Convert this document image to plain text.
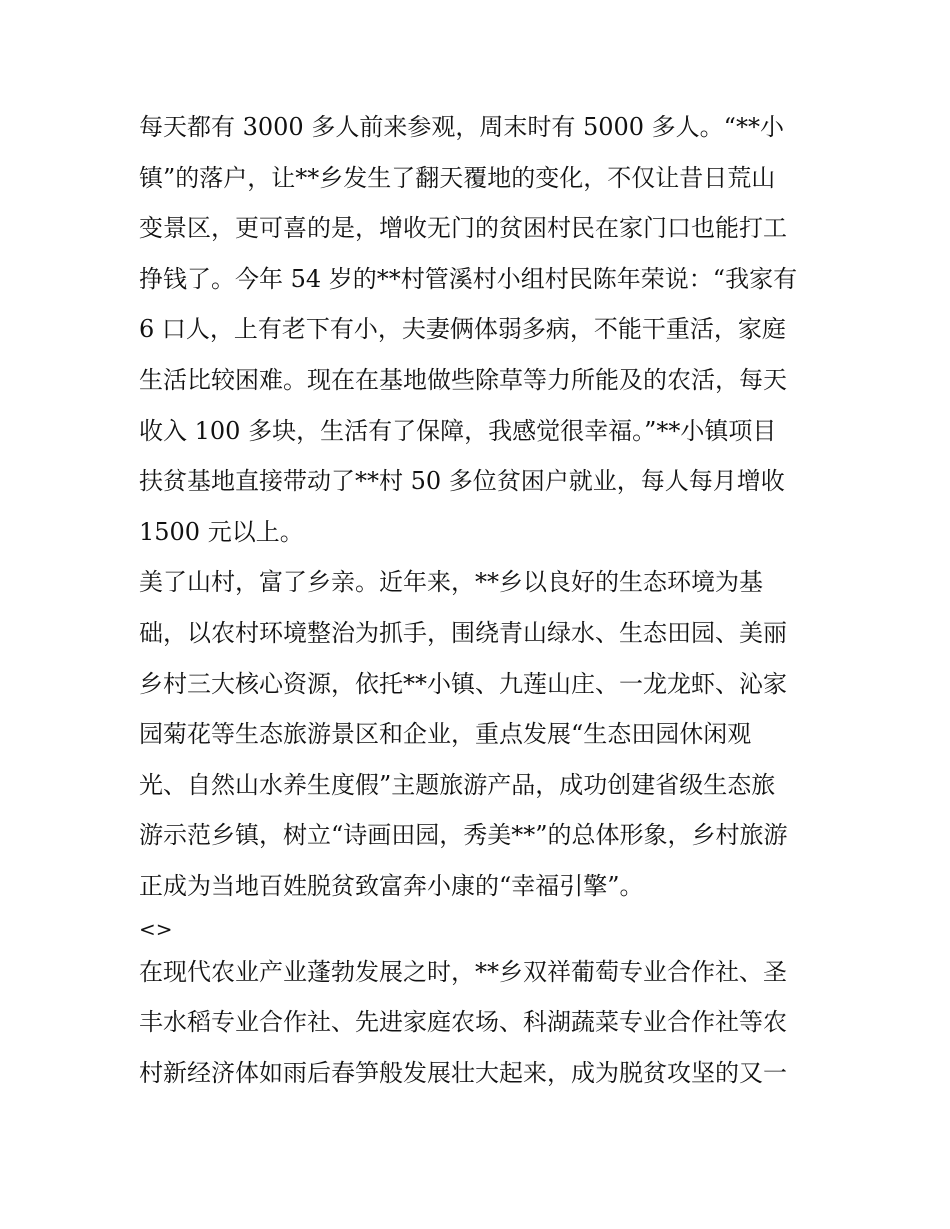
每天都有 3000 多人前来参观，周末时有 5000 多人。“**小
镇”的落户，让**乡发生了翻天覆地的变化，不仅让昔日荒山
变景区，更可喜的是，增收无门的贫困村民在家门口也能打工
挣钱了。今年 54 岁的**村管溪村小组村民陈年荣说：“我家有
6 口人，上有老下有小，夫妻俩体弱多病，不能干重活，家庭
生活比较困难。现在在基地做些除草等力所能及的农活，每天
收入 100 多块，生活有了保障，我感觉很幸福。”**小镇项目
扶贫基地直接带动了**村 50 多位贫困户就业，每人每月增收
1500 元以上。
美了山村，富了乡亲。近年来，**乡以良好的生态环境为基
础，以农村环境整治为抓手，围绕青山绿水、生态田园、美丽
乡村三大核心资源，依托**小镇、九莲山庄、一龙龙虾、沁家
园菊花等生态旅游景区和企业，重点发展“生态田园休闲观
光、自然山水养生度假”主题旅游产品，成功创建省级生态旅
游示范乡镇，树立“诗画田园，秀美**”的总体形象，乡村旅游
正成为当地百姓脱贫致富奔小康的“幸福引擎”。
<>
在现代农业产业蓬勃发展之时，**乡双祥葡萄专业合作社、圣
丰水稻专业合作社、先进家庭农场、科湖蔬菜专业合作社等农
村新经济体如雨后春笋般发展壮大起来，成为脱贫攻坚的又一
